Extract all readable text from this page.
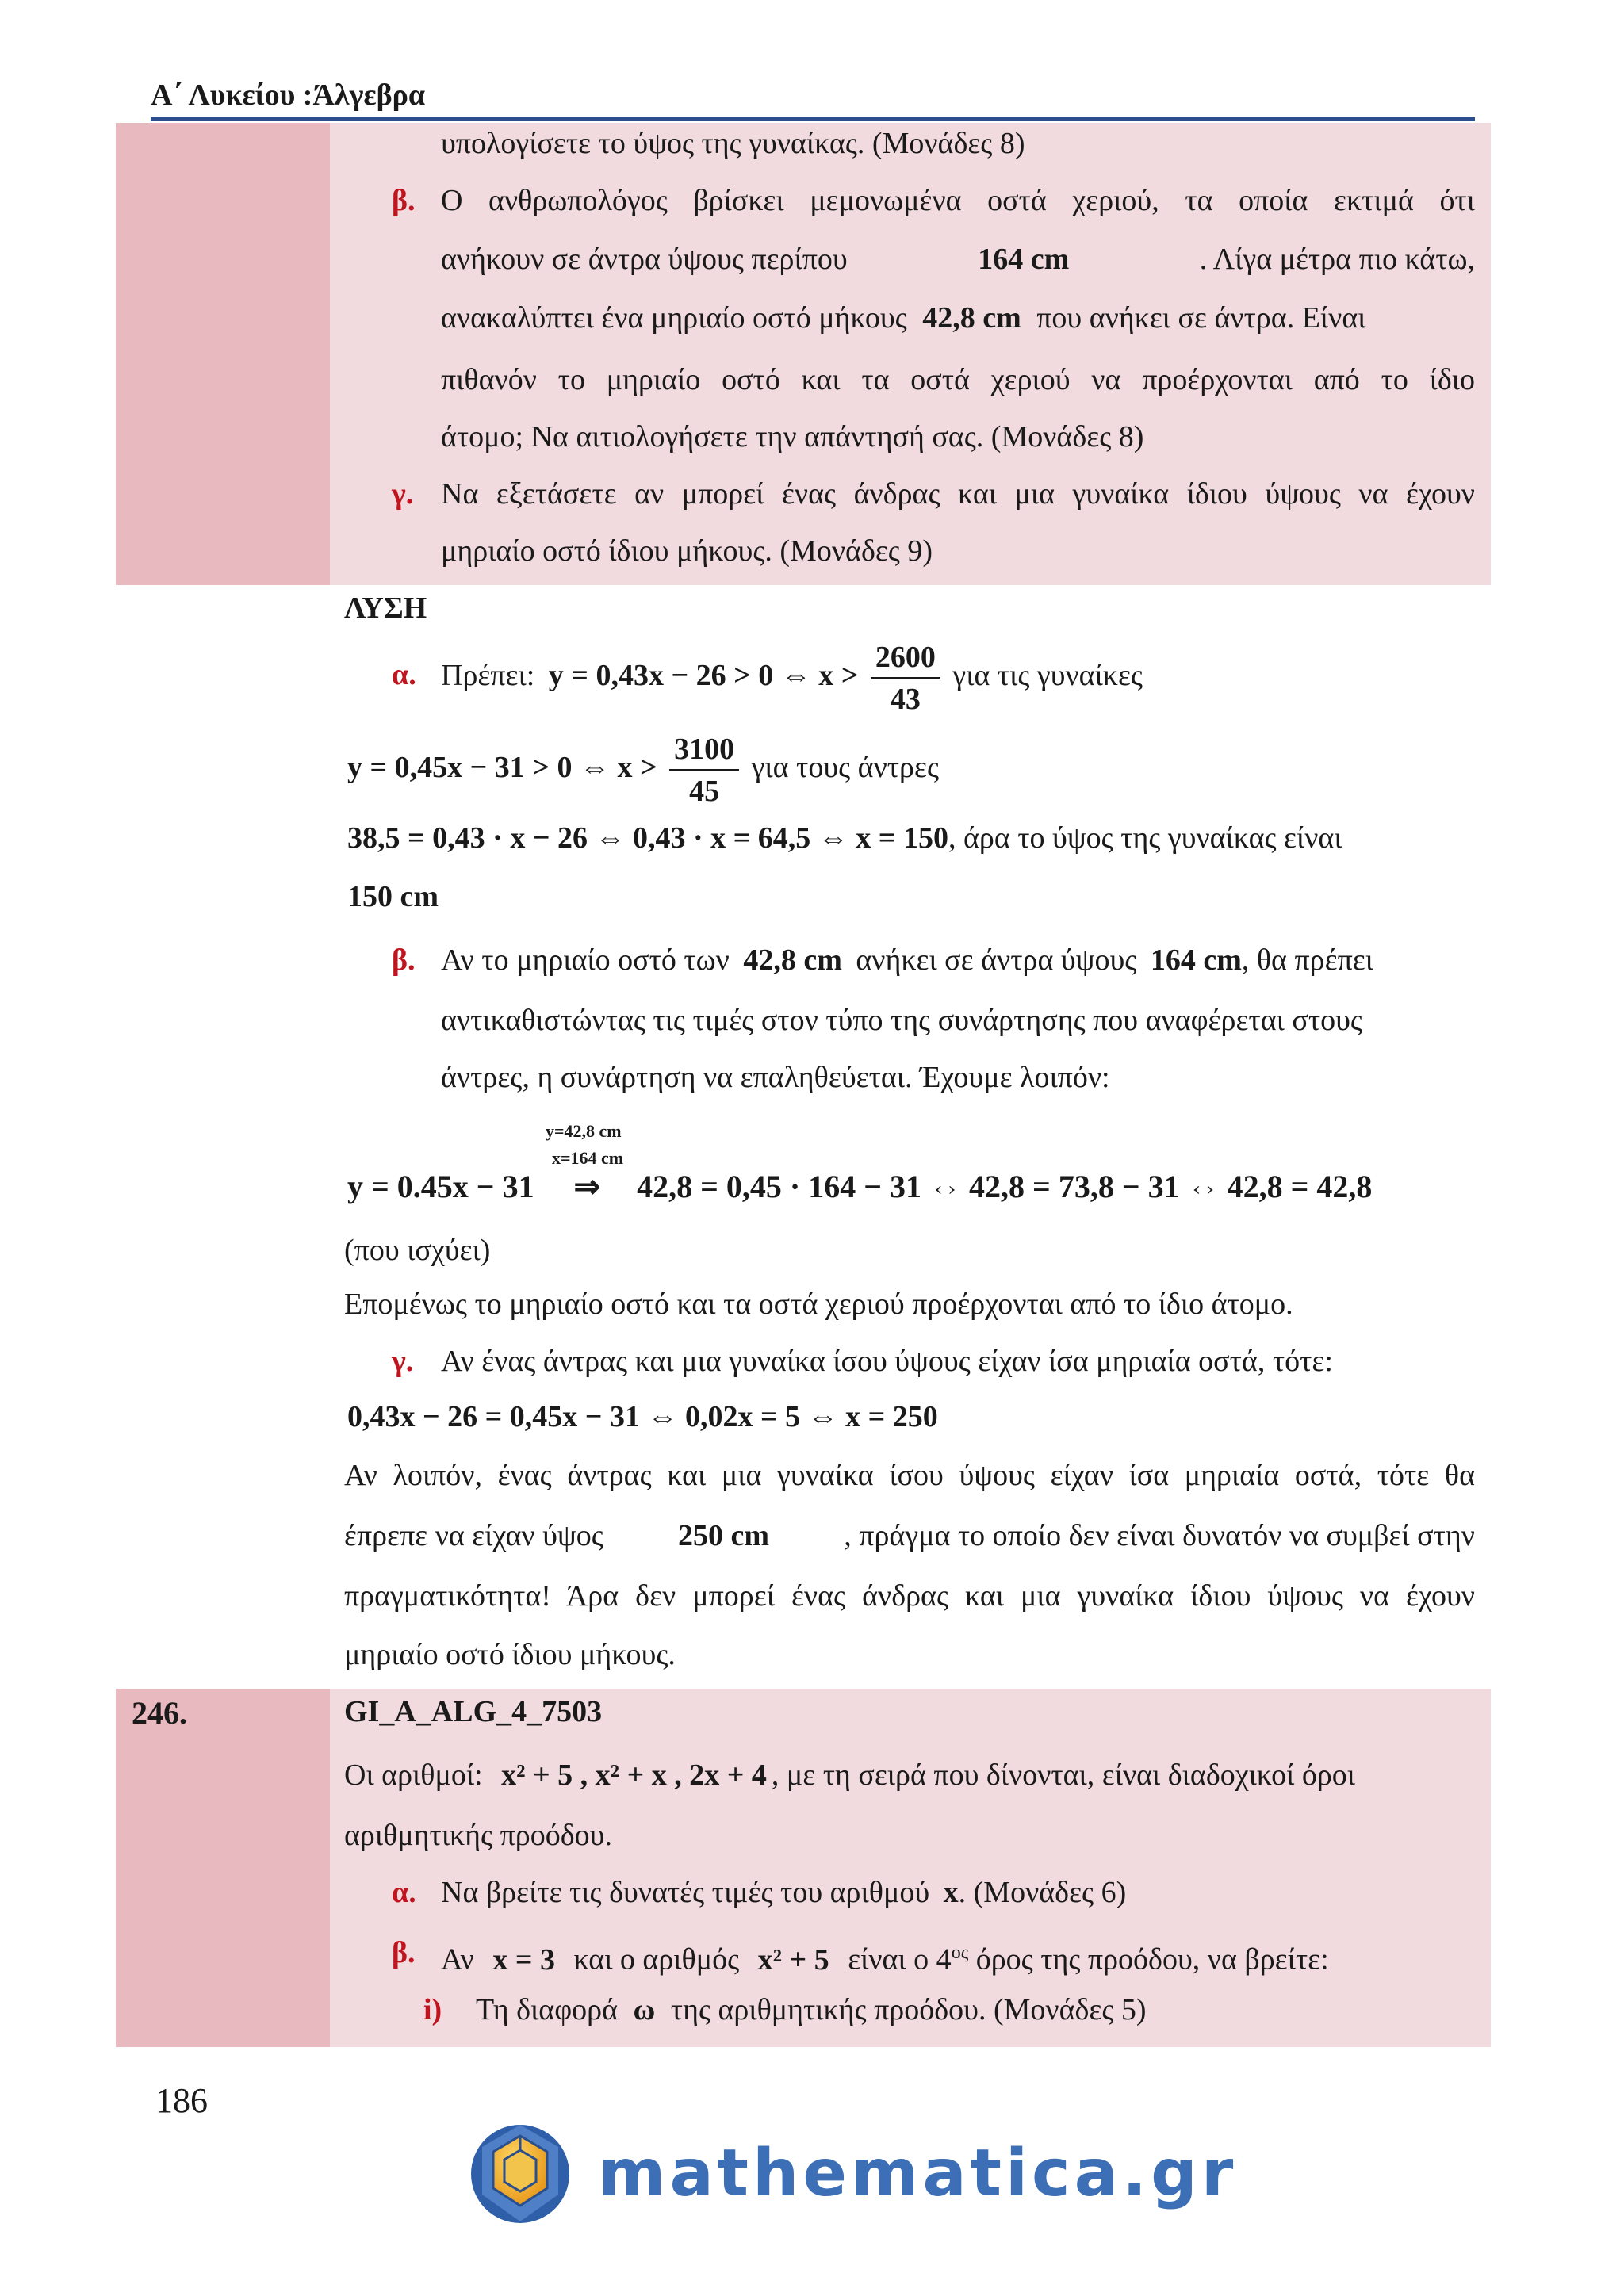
Α΄ Λυκείου :Άλγεβρα
υπολογίσετε το ύψος της γυναίκας. (Μονάδες 8)
β. Ο ανθρωπολόγος βρίσκει μεμονωμένα οστά χεριού, τα οποία εκτιμά ότι
ανήκουν σε άντρα ύψους περίπου	164 cm	. Λίγα μέτρα πιο κάτω,
ανακαλύπτει ένα μηριαίο οστό μήκους 42,8 cm που ανήκει σε άντρα. Είναι
πιθανόν το μηριαίο οστό και τα οστά χεριού να προέρχονται από το ίδιο
άτομο; Να αιτιολογήσετε την απάντησή σας. (Μονάδες 8)
γ. Να εξετάσετε αν μπορεί ένας άνδρας και μια γυναίκα ίδιου ύψους να έχουν
μηριαίο οστό ίδιου μήκους. (Μονάδες 9)
ΛΥΣΗ
α. Πρέπει: y = 0,43x − 26 > 0 ⇔ $x > \frac{2600}{43}$ για τις γυναίκες
y = 0,45x − 31 > 0 ⇔ $x > \frac{3100}{45}$ για τους άντρες
38,5 = 0,43 · x − 26 ⇔ 0,43 · x = 64,5 ⇔ x = 150, άρα το ύψος της γυναίκας είναι
150 cm
β. Αν το μηριαίο οστό των 42,8 cm ανήκει σε άντρα ύψους 164 cm, θα πρέπει
αντικαθιστώντας τις τιμές στον τύπο της συνάρτησης που αναφέρεται στους
άντρες, η συνάρτηση να επαληθεύεται. Έχουμε λοιπόν:
y=42,8 cm
x=164 cm
y = 0.45x − 31 ⇒ 42,8 = 0,45 · 164 − 31 ⇔ 42,8 = 73,8 − 31 ⇔ 42,8 = 42,8
(που ισχύει)
Επομένως το μηριαίο οστό και τα οστά χεριού προέρχονται από το ίδιο άτομο.
γ. Αν ένας άντρας και μια γυναίκα ίσου ύψους είχαν ίσα μηριαία οστά, τότε:
0,43x − 26 = 0,45x − 31 ⇔ 0,02x = 5 ⇔ x = 250
Αν λοιπόν, ένας άντρας και μια γυναίκα ίσου ύψους είχαν ίσα μηριαία οστά, τότε θα
έπρεπε να είχαν ύψος 250 cm , πράγμα το οποίο δεν είναι δυνατόν να συμβεί στην
πραγματικότητα! Άρα δεν μπορεί ένας άνδρας και μια γυναίκα ίδιου ύψους να έχουν
μηριαίο οστό ίδιου μήκους.
246.	GI_A_ALG_4_7503
Οι αριθμοί: x² + 5 , x² + x , 2x + 4 , με τη σειρά που δίνονται, είναι διαδοχικοί όροι
αριθμητικής προόδου.
α. Να βρείτε τις δυνατές τιμές του αριθμού x. (Μονάδες 6)
β. Αν x = 3 και ο αριθμός x² + 5 είναι ο $4^{o\varsigma}$ όρος της προόδου, να βρείτε:
i) Τη διαφορά ω της αριθμητικής προόδου. (Μονάδες 5)
186
mathematica.gr
